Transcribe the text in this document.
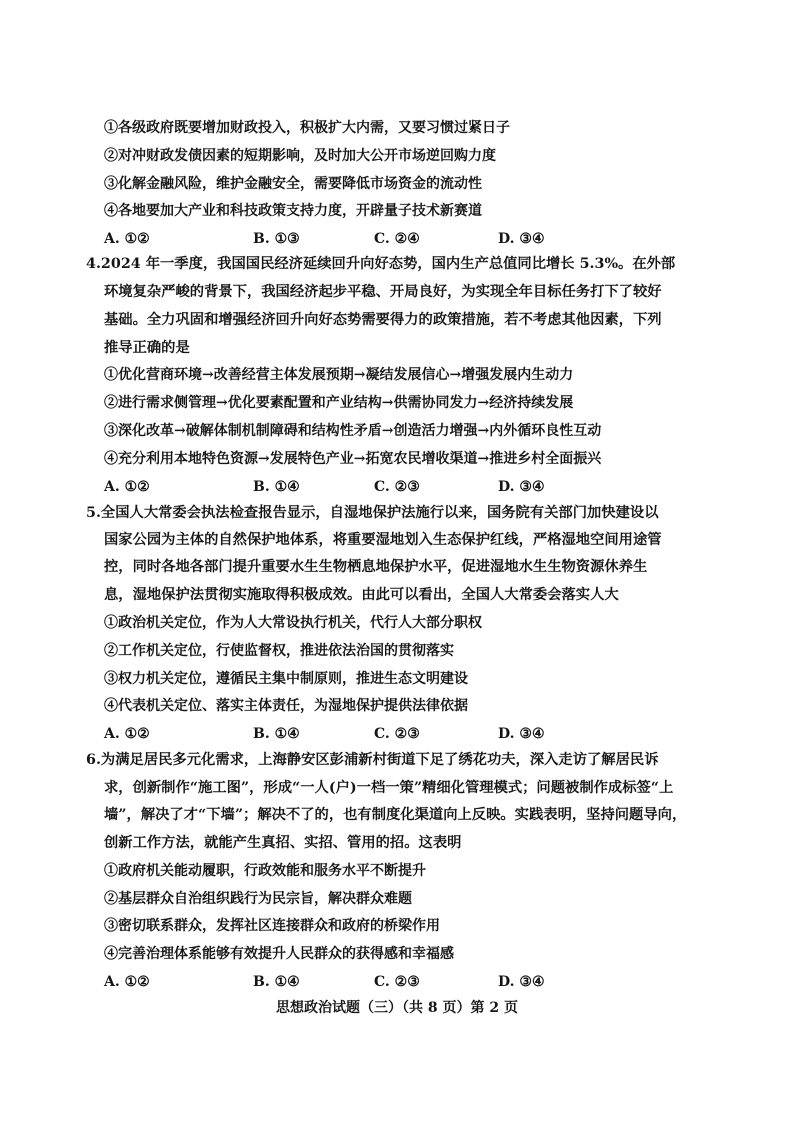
①各级政府既要增加财政投入，积极扩大内需，又要习惯过紧日子
②对冲财政发债因素的短期影响，及时加大公开市场逆回购力度
③化解金融风险，维护金融安全，需要降低市场资金的流动性
④各地要加大产业和科技政策支持力度，开辟量子技术新赛道
A. ①②	B. ①③	C. ②④	D. ③④
4.2024 年一季度，我国国民经济延续回升向好态势，国内生产总值同比增长 5.3%。在外部
环境复杂严峻的背景下，我国经济起步平稳、开局良好，为实现全年目标任务打下了较好
基础。全力巩固和增强经济回升向好态势需要得力的政策措施，若不考虑其他因素，下列
推导正确的是
①优化营商环境→改善经营主体发展预期→凝结发展信心→增强发展内生动力
②进行需求侧管理→优化要素配置和产业结构→供需协同发力→经济持续发展
③深化改革→破解体制机制障碍和结构性矛盾→创造活力增强→内外循环良性互动
④充分利用本地特色资源→发展特色产业→拓宽农民增收渠道→推进乡村全面振兴
A. ①②	B. ①④	C. ②③	D. ③④
5.全国人大常委会执法检查报告显示，自湿地保护法施行以来，国务院有关部门加快建设以
国家公园为主体的自然保护地体系，将重要湿地划入生态保护红线，严格湿地空间用途管
控，同时各地各部门提升重要水生生物栖息地保护水平，促进湿地水生生物资源休养生
息，湿地保护法贯彻实施取得积极成效。由此可以看出，全国人大常委会落实人大
①政治机关定位，作为人大常设执行机关，代行人大部分职权
②工作机关定位，行使监督权，推进依法治国的贯彻落实
③权力机关定位，遵循民主集中制原则，推进生态文明建设
④代表机关定位、落实主体责任，为湿地保护提供法律依据
A. ①②	B. ①④	C. ②③	D. ③④
6.为满足居民多元化需求，上海静安区彭浦新村街道下足了绣花功夫，深入走访了解居民诉
求，创新制作“施工图”，形成“一人(户)一档一策”精细化管理模式；问题被制作成标签“上
墙”，解决了才“下墙”；解决不了的，也有制度化渠道向上反映。实践表明，坚持问题导向，
创新工作方法，就能产生真招、实招、管用的招。这表明
①政府机关能动履职，行政效能和服务水平不断提升
②基层群众自治组织践行为民宗旨，解决群众难题
③密切联系群众，发挥社区连接群众和政府的桥梁作用
④完善治理体系能够有效提升人民群众的获得感和幸福感
A. ①②	B. ①④	C. ②③	D. ③④
思想政治试题（三）（共 8 页）第 2 页
